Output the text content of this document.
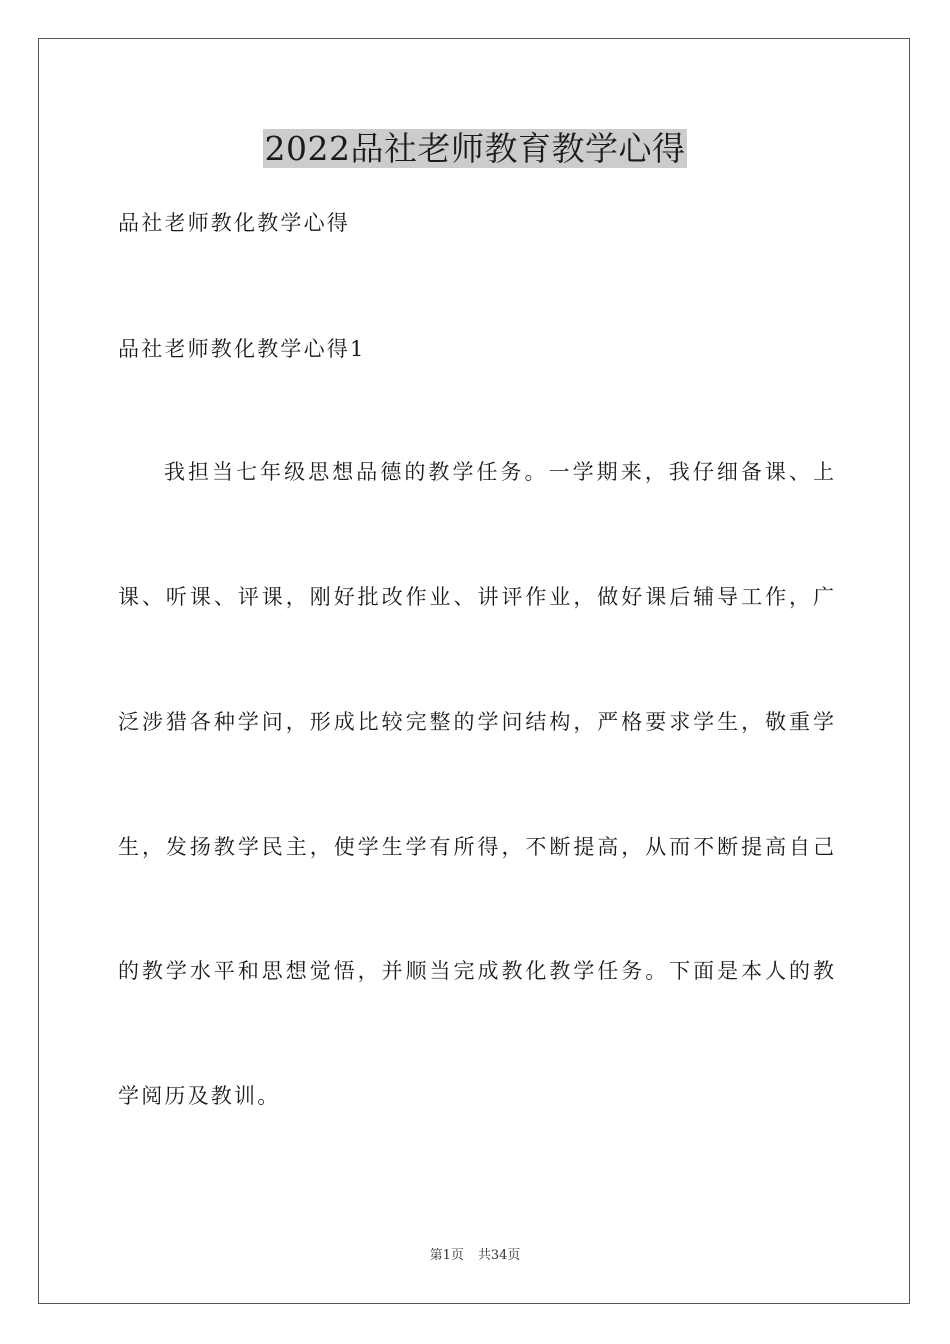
2022品社老师教育教学心得

品社老师教化教学心得

品社老师教化教学心得1

我担当七年级思想品德的教学任务。一学期来，我仔细备课、上

课、听课、评课，刚好批改作业、讲评作业，做好课后辅导工作，广

泛涉猎各种学问，形成比较完整的学问结构，严格要求学生，敬重学

生，发扬教学民主，使学生学有所得，不断提高，从而不断提高自己

的教学水平和思想觉悟，并顺当完成教化教学任务。下面是本人的教

学阅历及教训。

第1页 共34页
